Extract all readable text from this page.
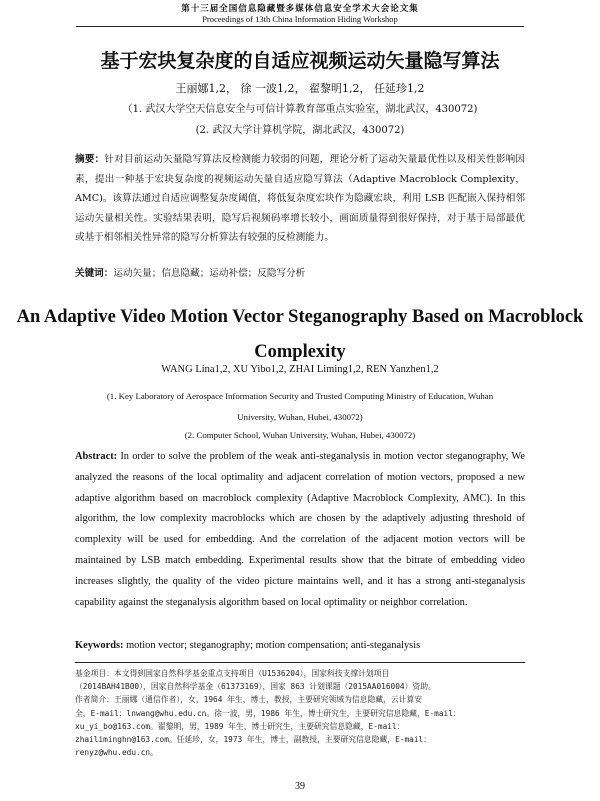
第十三届全国信息隐藏暨多媒体信息安全学术大会论文集
Proceedings of 13th China Information Hiding Workshop
基于宏块复杂度的自适应视频运动矢量隐写算法
王丽娜1,2， 徐 一波1,2， 翟黎明1,2， 任延珍1,2
（1. 武汉大学空天信息安全与可信计算教育部重点实验室，湖北武汉，430072)
(2. 武汉大学计算机学院，湖北武汉，430072)
摘要：针对目前运动矢量隐写算法反检测能力较弱的问题，理论分析了运动矢量最优性以及相关性影响因素，提出一种基于宏块复杂度的视频运动矢量自适应隐写算法（Adaptive Macroblock Complexity，AMC)。该算法通过自适应调整复杂度阈值，将低复杂度宏块作为隐藏宏块，利用 LSB 匹配嵌入保持相邻运动矢量相关性。实验结果表明，隐写后视频码率增长较小，画面质量得到很好保持，对于基于局部最优或基于相邻相关性异常的隐写分析算法有较强的反检测能力。
关键词：运动矢量；信息隐藏；运动补偿；反隐写分析
An Adaptive Video Motion Vector Steganography Based on Macroblock Complexity
WANG Lina1,2, XU Yibo1,2, ZHAI Liming1,2, REN Yanzhen1,2
(1. Key Laboratory of Aerospace Information Security and Trusted Computing Ministry of Education, Wuhan University, Wuhan, Hubei, 430072)
(2. Computer School, Wuhan University, Wuhan, Hubei, 430072)
Abstract: In order to solve the problem of the weak anti-steganalysis in motion vector steganography, We analyzed the reasons of the local optimality and adjacent correlation of motion vectors, proposed a new adaptive algorithm based on macroblock complexity (Adaptive Macroblock Complexity, AMC). In this algorithm, the low complexity macroblocks which are chosen by the adaptively adjusting threshold of complexity will be used for embedding. And the correlation of the adjacent motion vectors will be maintained by LSB match embedding. Experimental results show that the bitrate of embedding video increases slightly, the quality of the video picture maintains well, and it has a strong anti-steganalysis capability against the steganalysis algorithm based on local optimality or neighbor correlation.
Keywords: motion vector; steganography; motion compensation; anti-steganalysis
基金项目：本文得到国家自然科学基金重点支持项目（U1536204），国家科技支撑计划项目
（2014BAH41B00），国家自然科学基金（61373169），国家 863 计划课题（2015AA016004）资助。
作者简介：王丽娜（通信作者），女，1964 年生，博士，教授，主要研究领域为信息隐藏，云计算安
全，E-mail：lnwang@whu.edu.cn。徐一波，男，1986 年生，博士研究生，主要研究信息隐藏，E-mail：
xu_yi_bo@163.com。翟黎明，男，1989 年生，博士研究生，主要研究信息隐藏，E-mail：
zhailiminghn@163.com。任延珍，女，1973 年生，博士，副教授，主要研究信息隐藏，E-mail：
renyz@whu.edu.cn。
39
